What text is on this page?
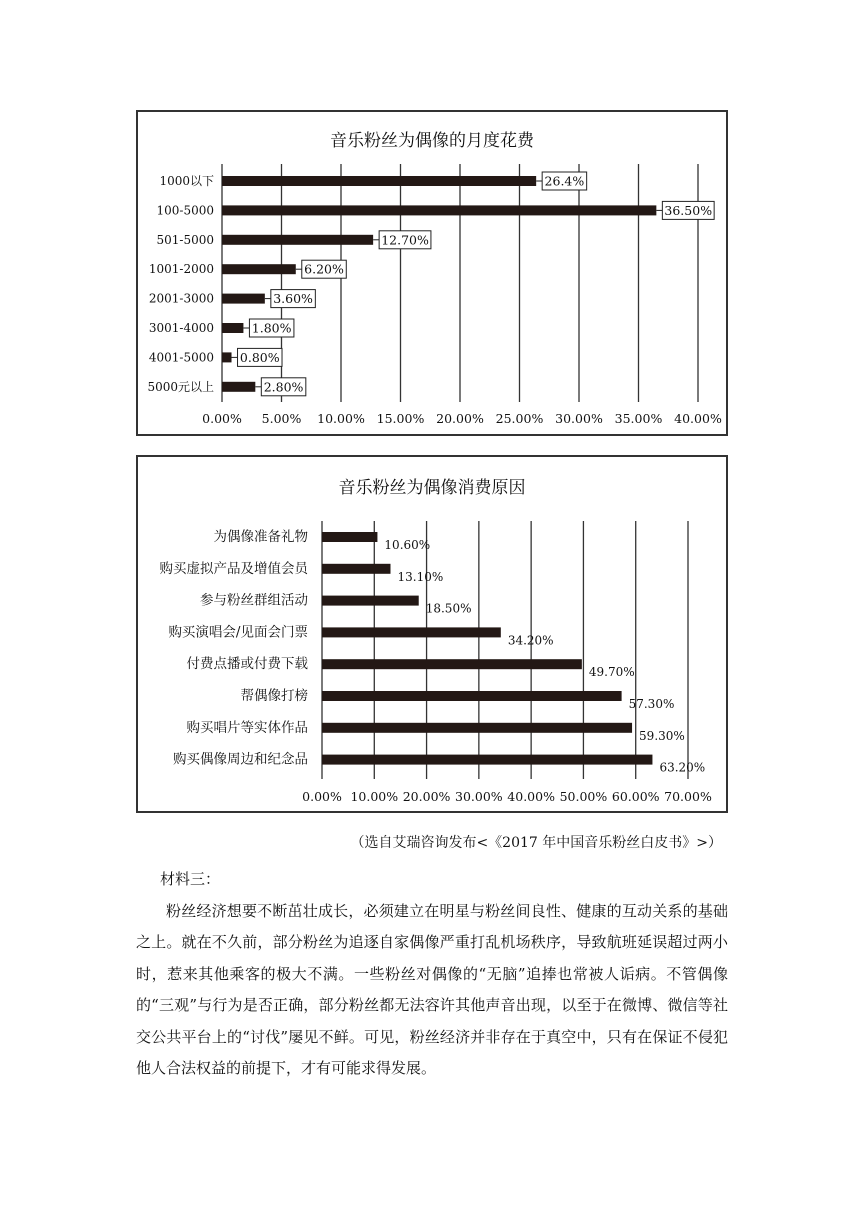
音乐粉丝为偶像的月度花费
0.00% 5.00% 10.00% 15.00% 20.00% 25.00% 30.00% 35.00% 40.00%
1000以下	26.4%
100-5000	36.50%
501-5000	12.70%
1001-2000	6.20%
2001-3000	3.60%
3001-4000	1.80%
4001-5000 0.80%
5000元以上	2.80%
音乐粉丝为偶像消费原因
0.00% 10.00% 20.00% 30.00% 40.00% 50.00% 60.00% 70.00%
为偶像准备礼物	10.60%
购买虚拟产品及增值会员	13.10%
参与粉丝群组活动	18.50%
购买演唱会/见面会门票	34.20%
付费点播或付费下载	49.70%
帮偶像打榜	57.30%
购买唱片等实体作品	59.30%
购买偶像周边和纪念品	63.20%
（选自艾瑞咨询发布<《2017 年中国音乐粉丝白皮书》>）
材料三：
粉丝经济想要不断茁壮成长，必须建立在明星与粉丝间良性、健康的互动关系的基础之上。就在不久前，部分粉丝为追逐自家偶像严重打乱机场秩序，导致航班延误超过两小时，惹来其他乘客的极大不满。一些粉丝对偶像的“无脑”追捧也常被人诟病。不管偶像的“三观”与行为是否正确，部分粉丝都无法容许其他声音出现，以至于在微博、微信等社交公共平台上的“讨伐”屡见不鲜。可见，粉丝经济并非存在于真空中，只有在保证不侵犯他人合法权益的前提下，才有可能求得发展。
